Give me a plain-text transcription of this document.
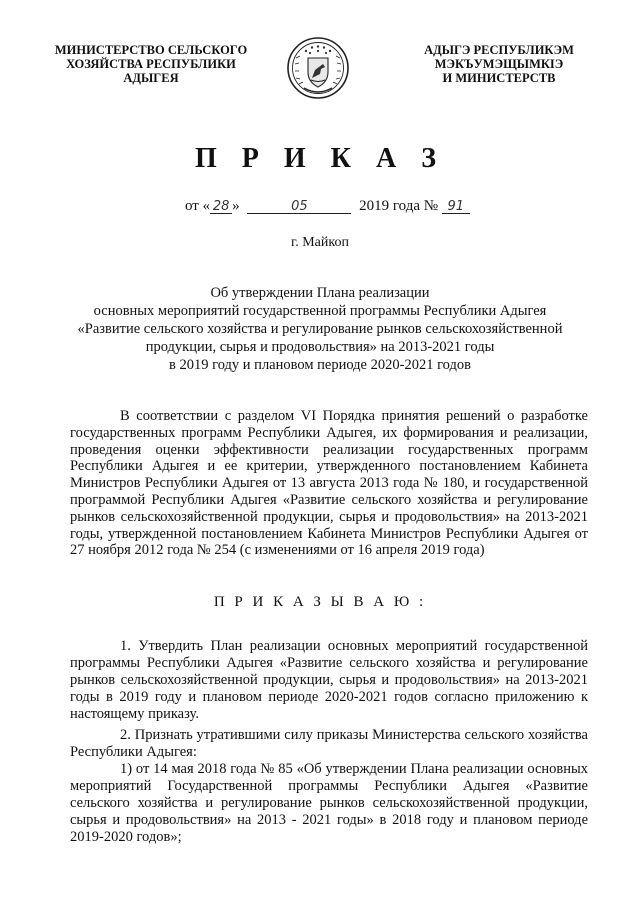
МИНИСТЕРСТВО СЕЛЬСКОГО
ХОЗЯЙСТВА РЕСПУБЛИКИ
АДЫГЕЯ
АДЫГЭ РЕСПУБЛИКЭМ
МЭКЪУМЭЩЫМКIЭ
И МИНИСТЕРСТВ
П Р И К А З
от « 28 »	05	2019 года № 91
г. Майкоп
Об утверждении Плана реализации
основных мероприятий государственной программы Республики Адыгея
«Развитие сельского хозяйства и регулирование рынков сельскохозяйственной
продукции, сырья и продовольствия» на 2013-2021 годы
в 2019 году и плановом периоде 2020-2021 годов
В соответствии с разделом VI Порядка принятия решений о разработке государственных программ Республики Адыгея, их формирования и реализации, проведения оценки эффективности реализации государственных программ Республики Адыгея и ее критерии, утвержденного постановлением Кабинета Министров Республики Адыгея от 13 августа 2013 года № 180, и государственной программой Республики Адыгея «Развитие сельского хозяйства и регулирование рынков сельскохозяйственной продукции, сырья и продовольствия» на 2013-2021 годы, утвержденной постановлением Кабинета Министров Республики Адыгея от 27 ноября 2012 года № 254 (с изменениями от 16 апреля 2019 года)
П Р И К А З Ы В А Ю :
1. Утвердить План реализации основных мероприятий государственной программы Республики Адыгея «Развитие сельского хозяйства и регулирование рынков сельскохозяйственной продукции, сырья и продовольствия» на 2013-2021 годы в 2019 году и плановом периоде 2020-2021 годов согласно приложению к настоящему приказу.
2. Признать утратившими силу приказы Министерства сельского хозяйства Республики Адыгея:
1) от 14 мая 2018 года № 85 «Об утверждении Плана реализации основных мероприятий Государственной программы Республики Адыгея «Развитие сельского хозяйства и регулирование рынков сельскохозяйственной продукции, сырья и продовольствия» на 2013 - 2021 годы» в 2018 году и плановом периоде 2019-2020 годов»;
